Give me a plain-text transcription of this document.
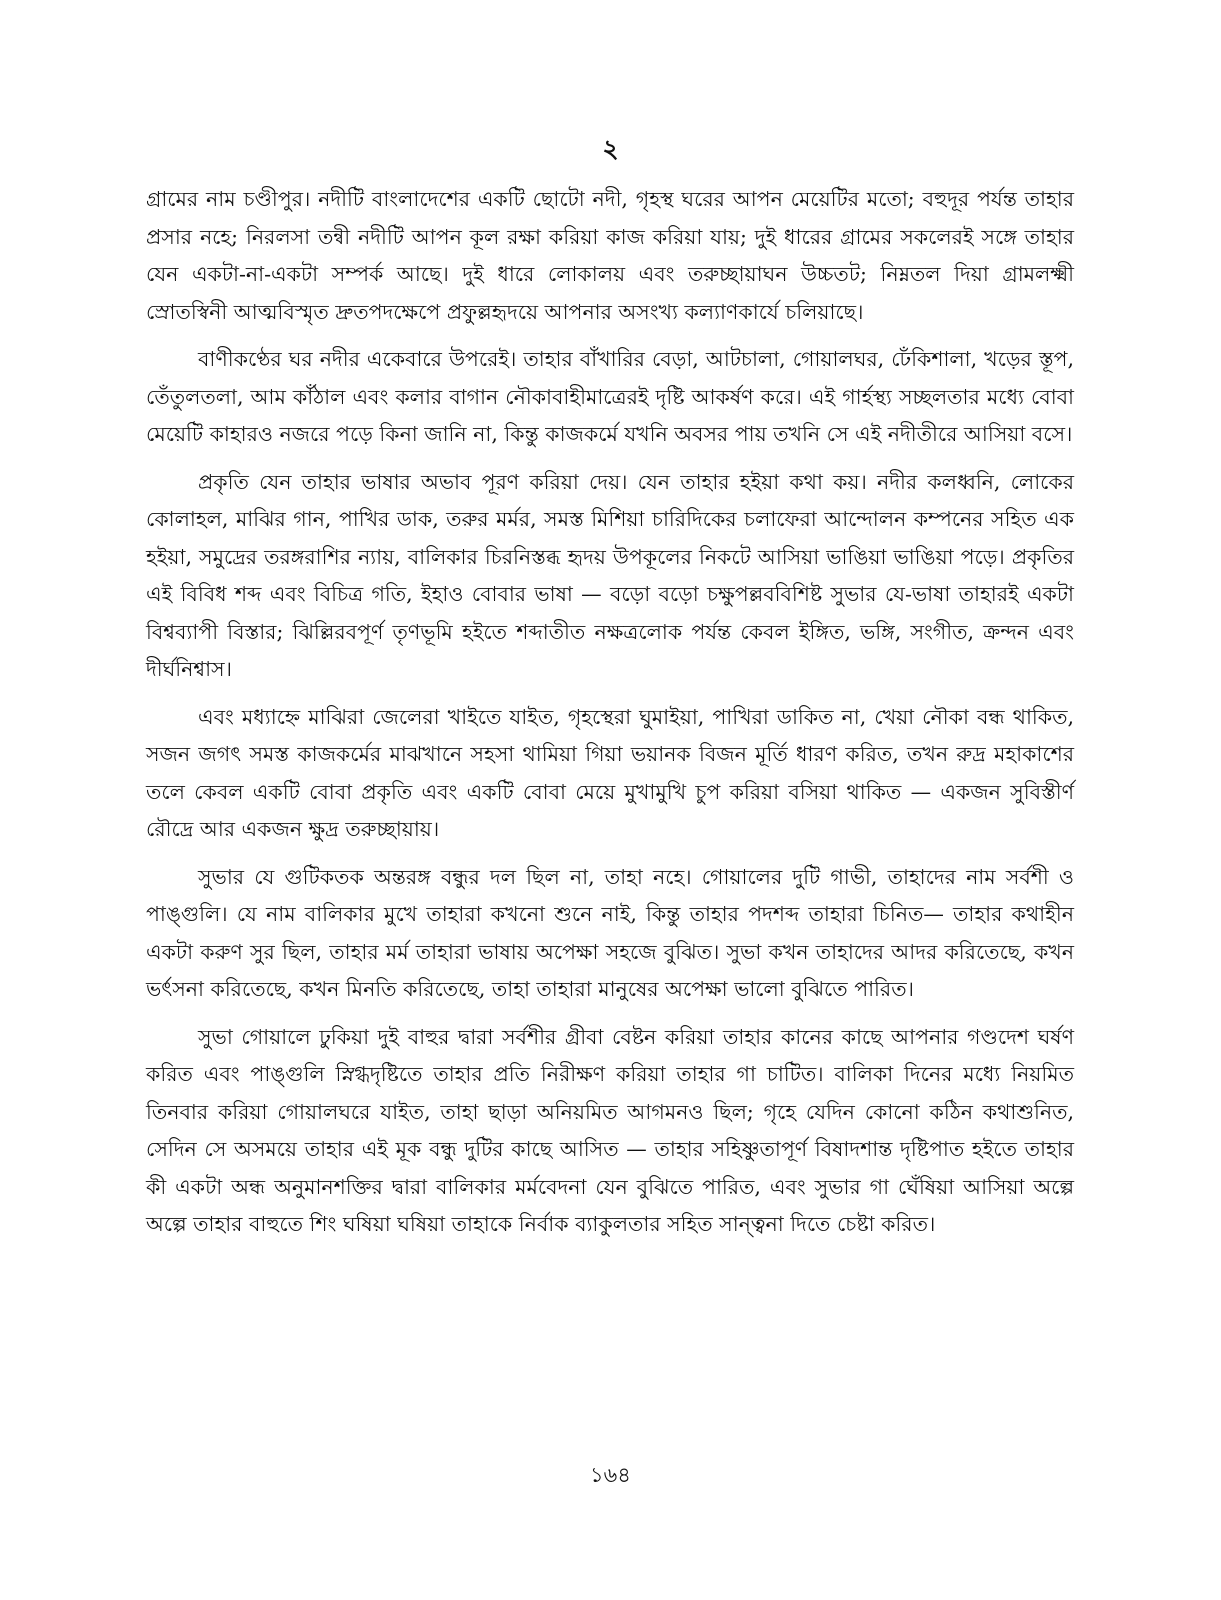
২

গ্রামের নাম চণ্ডীপুর। নদীটি বাংলাদেশের একটি ছোটো নদী, গৃহস্থ ঘরের আপন মেয়েটির মতো; বহুদূর পর্যন্ত তাহার প্রসার নহে; নিরলসা তন্বী নদীটি আপন কূল রক্ষা করিয়া কাজ করিয়া যায়; দুই ধারের গ্রামের সকলেরই সঙ্গে তাহার যেন একটা-না-একটা সম্পর্ক আছে। দুই ধারে লোকালয় এবং তরুচ্ছায়াঘন উচ্চতট; নিম্নতল দিয়া গ্রামলক্ষ্মী স্রোতস্বিনী আত্মবিস্মৃত দ্রুতপদক্ষেপে প্রফুল্লহৃদয়ে আপনার অসংখ্য কল্যাণকার্যে চলিয়াছে।

বাণীকণ্ঠের ঘর নদীর একেবারে উপরেই। তাহার বাঁখারির বেড়া, আটচালা, গোয়ালঘর, ঢেঁকিশালা, খড়ের স্তূপ, তেঁতুলতলা, আম কাঁঠাল এবং কলার বাগান নৌকাবাহীমাত্রেরই দৃষ্টি আকর্ষণ করে। এই গার্হস্থ্য সচ্ছলতার মধ্যে বোবা মেয়েটি কাহারও নজরে পড়ে কিনা জানি না, কিন্তু কাজকর্মে যখনি অবসর পায় তখনি সে এই নদীতীরে আসিয়া বসে।

প্রকৃতি যেন তাহার ভাষার অভাব পূরণ করিয়া দেয়। যেন তাহার হইয়া কথা কয়। নদীর কলধ্বনি, লোকের কোলাহল, মাঝির গান, পাখির ডাক, তরুর মর্মর, সমস্ত মিশিয়া চারিদিকের চলাফেরা আন্দোলন কম্পনের সহিত এক হইয়া, সমুদ্রের তরঙ্গরাশির ন্যায়, বালিকার চিরনিস্তব্ধ হৃদয় উপকূলের নিকটে আসিয়া ভাঙিয়া ভাঙিয়া পড়ে। প্রকৃতির এই বিবিধ শব্দ এবং বিচিত্র গতি, ইহাও বোবার ভাষা — বড়ো বড়ো চক্ষুপল্লববিশিষ্ট সুভার যে-ভাষা তাহারই একটা বিশ্বব্যাপী বিস্তার; ঝিল্লিরবপূর্ণ তৃণভূমি হইতে শব্দাতীত নক্ষত্রলোক পর্যন্ত কেবল ইঙ্গিত, ভঙ্গি, সংগীত, ক্রন্দন এবং দীর্ঘনিশ্বাস।

এবং মধ্যাহ্নে মাঝিরা জেলেরা খাইতে যাইত, গৃহস্থেরা ঘুমাইয়া, পাখিরা ডাকিত না, খেয়া নৌকা বন্ধ থাকিত, সজন জগৎ সমস্ত কাজকর্মের মাঝখানে সহসা থামিয়া গিয়া ভয়ানক বিজন মূর্তি ধারণ করিত, তখন রুদ্র মহাকাশের তলে কেবল একটি বোবা প্রকৃতি এবং একটি বোবা মেয়ে মুখামুখি চুপ করিয়া বসিয়া থাকিত — একজন সুবিস্তীর্ণ রৌদ্রে আর একজন ক্ষুদ্র তরুচ্ছায়ায়।

সুভার যে গুটিকতক অন্তরঙ্গ বন্ধুর দল ছিল না, তাহা নহে। গোয়ালের দুটি গাভী, তাহাদের নাম সর্বশী ও পাঙ্গুলি। যে নাম বালিকার মুখে তাহারা কখনো শুনে নাই, কিন্তু তাহার পদশব্দ তাহারা চিনিত— তাহার কথাহীন একটা করুণ সুর ছিল, তাহার মর্ম তাহারা ভাষায় অপেক্ষা সহজে বুঝিত। সুভা কখন তাহাদের আদর করিতেছে, কখন ভর্ৎসনা করিতেছে, কখন মিনতি করিতেছে, তাহা তাহারা মানুষের অপেক্ষা ভালো বুঝিতে পারিত।

সুভা গোয়ালে ঢুকিয়া দুই বাহুর দ্বারা সর্বশীর গ্রীবা বেষ্টন করিয়া তাহার কানের কাছে আপনার গণ্ডদেশ ঘর্ষণ করিত এবং পাঙ্গুলি স্নিগ্ধদৃষ্টিতে তাহার প্রতি নিরীক্ষণ করিয়া তাহার গা চাটিত। বালিকা দিনের মধ্যে নিয়মিত তিনবার করিয়া গোয়ালঘরে যাইত, তাহা ছাড়া অনিয়মিত আগমনও ছিল; গৃহে যেদিন কোনো কঠিন কথাশুনিত, সেদিন সে অসময়ে তাহার এই মূক বন্ধু দুটির কাছে আসিত — তাহার সহিষ্ণুতাপূর্ণ বিষাদশান্ত দৃষ্টিপাত হইতে তাহার কী একটা অন্ধ অনুমানশক্তির দ্বারা বালিকার মর্মবেদনা যেন বুঝিতে পারিত, এবং সুভার গা ঘেঁষিয়া আসিয়া অল্পে অল্পে তাহার বাহুতে শিং ঘষিয়া ঘষিয়া তাহাকে নির্বাক ব্যাকুলতার সহিত সান্ত্বনা দিতে চেষ্টা করিত।

১৬৪
